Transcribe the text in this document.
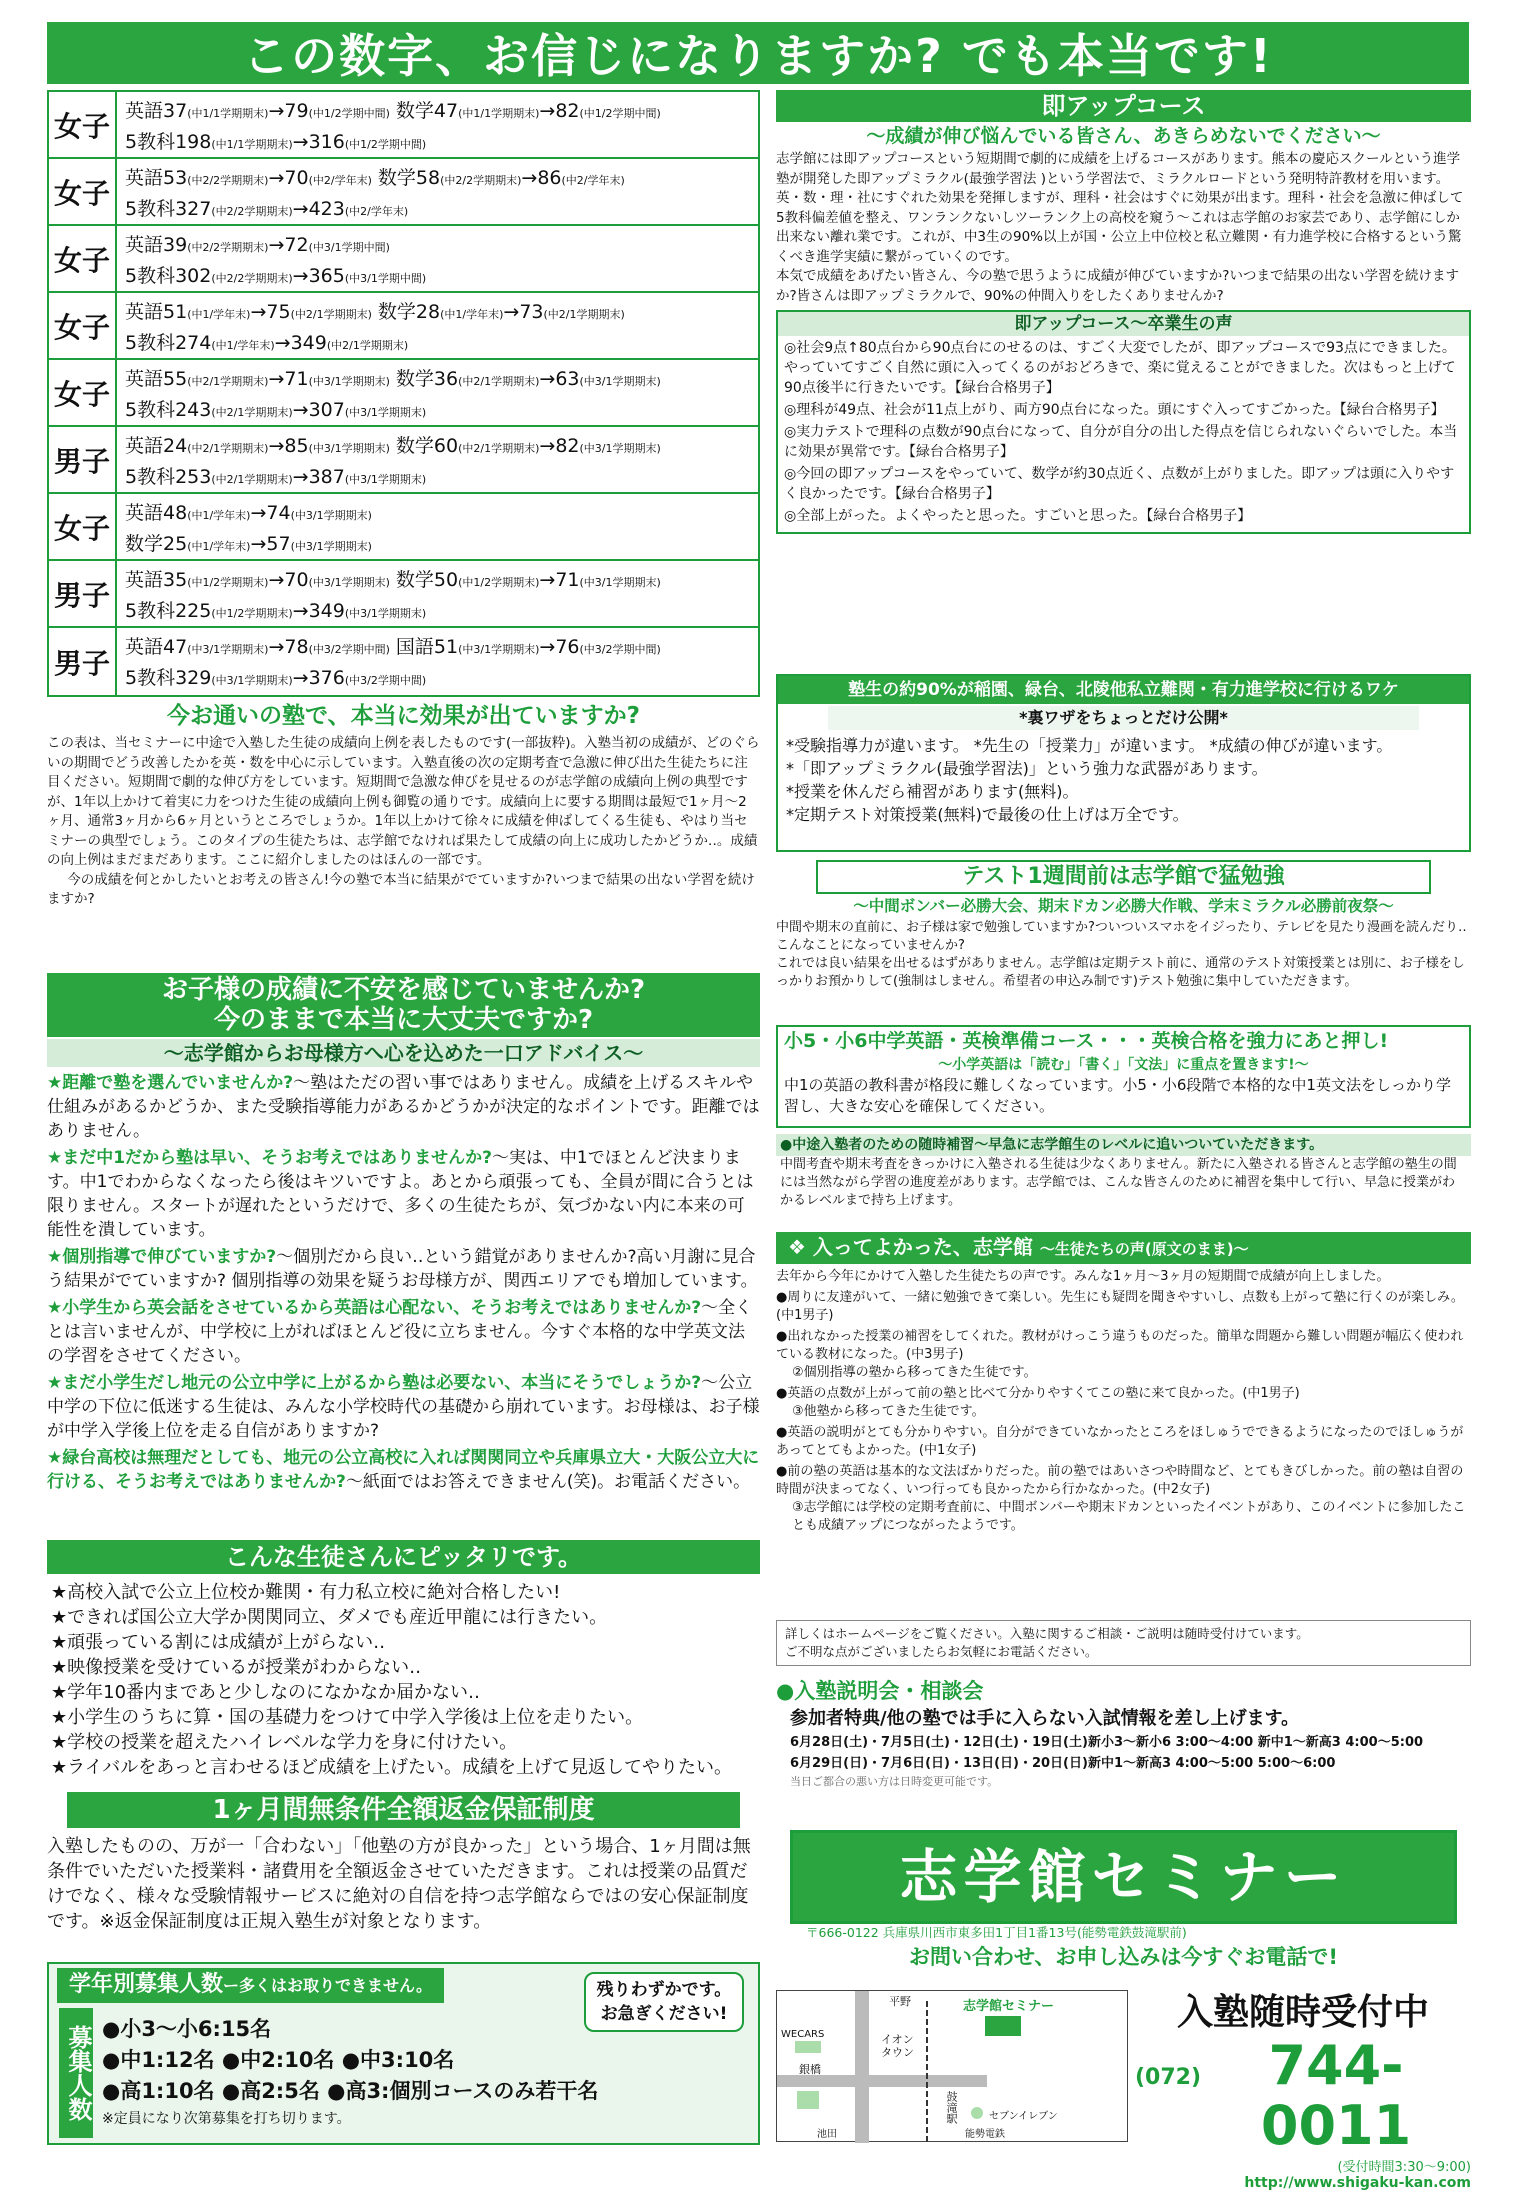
この数字、お信じになりますか? でも本当です!
女子 英語37(中1/1学期期末)→79(中1/2学期中間) 数学47(中1/1学期期末)→82(中1/2学期中間)
5教科198(中1/1学期期末)→316(中1/2学期中間)
女子 英語53(中2/2学期期末)→70(中2/学年末) 数学58(中2/2学期期末)→86(中2/学年末)
5教科327(中2/2学期期末)→423(中2/学年末)
女子 英語39(中2/2学期期末)→72(中3/1学期中間)
5教科302(中2/2学期期末)→365(中3/1学期中間)
女子 英語51(中1/学年末)→75(中2/1学期期末) 数学28(中1/学年末)→73(中2/1学期期末)
5教科274(中1/学年末)→349(中2/1学期期末)
女子 英語55(中2/1学期期末)→71(中3/1学期期末) 数学36(中2/1学期期末)→63(中3/1学期期末)
5教科243(中2/1学期期末)→307(中3/1学期期末)
男子 英語24(中2/1学期期末)→85(中3/1学期期末) 数学60(中2/1学期期末)→82(中3/1学期期末)
5教科253(中2/1学期期末)→387(中3/1学期期末)
女子 英語48(中1/学年末)→74(中3/1学期期末)
数学25(中1/学年末)→57(中3/1学期期末)
男子 英語35(中1/2学期期末)→70(中3/1学期期末) 数学50(中1/2学期期末)→71(中3/1学期期末)
5教科225(中1/2学期期末)→349(中3/1学期期末)
男子 英語47(中3/1学期期末)→78(中3/2学期中間) 国語51(中3/1学期期末)→76(中3/2学期中間)
5教科329(中3/1学期期末)→376(中3/2学期中間)
今お通いの塾で、本当に効果が出ていますか?
この表は、当セミナーに中途で入塾した生徒の成績向上例を表したものです(一部抜粋)。入塾当初の成績が、どのぐらいの期間でどう改善したかを英・数を中心に示しています。入塾直後の次の定期考査で急激に伸び出た生徒たちに注目ください。短期間で劇的な伸び方をしています。短期間で急激な伸びを見せるのが志学館の成績向上例の典型ですが、1年以上かけて着実に力をつけた生徒の成績向上例も御覧の通りです。成績向上に要する期間は最短で1ヶ月〜2ヶ月、通常3ヶ月から6ヶ月というところでしょうか。1年以上かけて徐々に成績を伸ばしてくる生徒も、やはり当セミナーの典型でしょう。このタイプの生徒たちは、志学館でなければ果たして成績の向上に成功したかどうか‥。成績の向上例はまだまだあります。ここに紹介しましたのはほんの一部です。
今の成績を何とかしたいとお考えの皆さん!今の塾で本当に結果がでていますか?いつまで結果の出ない学習を続けますか?
お子様の成績に不安を感じていませんか?
今のままで本当に大丈夫ですか?
〜志学館からお母様方へ心を込めた一口アドバイス〜
★距離で塾を選んでいませんか?〜塾はただの習い事ではありません。成績を上げるスキルや仕組みがあるかどうか、また受験指導能力があるかどうかが決定的なポイントです。距離ではありません。
★まだ中1だから塾は早い、そうお考えではありませんか?〜実は、中1でほとんど決まります。中1でわからなくなったら後はキツいですよ。あとから頑張っても、全員が間に合うとは限りません。スタートが遅れたというだけで、多くの生徒たちが、気づかない内に本来の可能性を潰しています。
★個別指導で伸びていますか?〜個別だから良い‥という錯覚がありませんか?高い月謝に見合う結果がでていますか? 個別指導の効果を疑うお母様方が、関西エリアでも増加しています。
★小学生から英会話をさせているから英語は心配ない、そうお考えではありませんか?〜全くとは言いませんが、中学校に上がればほとんど役に立ちません。今すぐ本格的な中学英文法の学習をさせてください。
★まだ小学生だし地元の公立中学に上がるから塾は必要ない、本当にそうでしょうか?〜公立中学の下位に低迷する生徒は、みんな小学校時代の基礎から崩れています。お母様は、お子様が中学入学後上位を走る自信がありますか?
★緑台高校は無理だとしても、地元の公立高校に入れば関関同立や兵庫県立大・大阪公立大に行ける、そうお考えではありませんか?〜紙面ではお答えできません(笑)。お電話ください。
こんな生徒さんにピッタリです。
★高校入試で公立上位校か難関・有力私立校に絶対合格したい!
★できれば国公立大学か関関同立、ダメでも産近甲龍には行きたい。
★頑張っている割には成績が上がらない‥
★映像授業を受けているが授業がわからない‥
★学年10番内まであと少しなのになかなか届かない‥
★小学生のうちに算・国の基礎力をつけて中学入学後は上位を走りたい。
★学校の授業を超えたハイレベルな学力を身に付けたい。
★ライバルをあっと言わせるほど成績を上げたい。成績を上げて見返してやりたい。
1ヶ月間無条件全額返金保証制度
入塾したものの、万が一「合わない」「他塾の方が良かった」という場合、1ヶ月間は無条件でいただいた授業料・諸費用を全額返金させていただきます。これは授業の品質だけでなく、様々な受験情報サービスに絶対の自信を持つ志学館ならではの安心保証制度です。※返金保証制度は正規入塾生が対象となります。
学年別募集人数ー多くはお取りできません。
募集人数 ●小3〜小6:15名
●中1:12名 ●中2:10名 ●中3:10名
●高1:10名 ●高2:5名 ●高3:個別コースのみ若干名
※定員になり次第募集を打ち切ります。
残りわずかです。お急ぎください!
即アップコース
〜成績が伸び悩んでいる皆さん、あきらめないでください〜
志学館には即アップコースという短期間で劇的に成績を上げるコースがあります。熊本の慶応スクールという進学塾が開発した即アップミラクル(最強学習法 )という学習法で、ミラクルロードという発明特許教材を用います。英・数・理・社にすぐれた効果を発揮しますが、理科・社会はすぐに効果が出ます。理科・社会を急激に伸ばして5教科偏差値を整え、ワンランクないしツーランク上の高校を窺う〜これは志学館のお家芸であり、志学館にしか出来ない離れ業です。これが、中3生の90%以上が国・公立上中位校と私立難関・有力進学校に合格するという驚くべき進学実績に繋がっていくのです。
本気で成績をあげたい皆さん、今の塾で思うように成績が伸びていますか?いつまで結果の出ない学習を続けますか?皆さんは即アップミラクルで、90%の仲間入りをしたくありませんか?
即アップコース〜卒業生の声
◎社会9点↑80点台から90点台にのせるのは、すごく大変でしたが、即アップコースで93点にできました。やっていてすごく自然に頭に入ってくるのがおどろきで、楽に覚えることができました。次はもっと上げて90点後半に行きたいです。【緑台合格男子】
◎理科が49点、社会が11点上がり、両方90点台になった。頭にすぐ入ってすごかった。【緑台合格男子】
◎実力テストで理科の点数が90点台になって、自分が自分の出した得点を信じられないぐらいでした。本当に効果が異常です。【緑台合格男子】
◎今回の即アップコースをやっていて、数学が約30点近く、点数が上がりました。即アップは頭に入りやすく良かったです。【緑台合格男子】
◎全部上がった。よくやったと思った。すごいと思った。【緑台合格男子】
塾生の約90%が稲園、緑台、北陵他私立難関・有力進学校に行けるワケ
*裏ワザをちょっとだけ公開*
*受験指導力が違います。 *先生の「授業力」が違います。 *成績の伸びが違います。
*「即アップミラクル(最強学習法)」という強力な武器があります。
*授業を休んだら補習があります(無料)。
*定期テスト対策授業(無料)で最後の仕上げは万全です。
テスト1週間前は志学館で猛勉強
〜中間ボンバー必勝大会、期末ドカン必勝大作戦、学末ミラクル必勝前夜祭〜
中間や期末の直前に、お子様は家で勉強していますか?ついついスマホをイジったり、テレビを見たり漫画を読んだり‥こんなことになっていませんか?
これでは良い結果を出せるはずがありません。志学館は定期テスト前に、通常のテスト対策授業とは別に、お子様をしっかりお預かりして(強制はしません。希望者の申込み制です)テスト勉強に集中していただきます。
小5・小6中学英語・英検準備コース・・・英検合格を強力にあと押し!
〜小学英語は「読む」「書く」「文法」に重点を置きます!〜
中1の英語の教科書が格段に難しくなっています。小5・小6段階で本格的な中1英文法をしっかり学習し、大きな安心を確保してください。
●中途入塾者のための随時補習〜早急に志学館生のレベルに追いついていただきます。
中間考査や期末考査をきっかけに入塾される生徒は少なくありません。新たに入塾される皆さんと志学館の塾生の間には当然ながら学習の進度差があります。志学館では、こんな皆さんのために補習を集中して行い、早急に授業がわかるレベルまで持ち上げます。
❖ 入ってよかった、志学館 〜生徒たちの声(原文のまま)〜
去年から今年にかけて入塾した生徒たちの声です。みんな1ヶ月〜3ヶ月の短期間で成績が向上しました。
●周りに友達がいて、一緒に勉強できて楽しい。先生にも疑問を聞きやすいし、点数も上がって塾に行くのが楽しみ。(中1男子)
●出れなかった授業の補習をしてくれた。教材がけっこう違うものだった。簡単な問題から難しい問題が幅広く使われている教材になった。(中3男子)
②個別指導の塾から移ってきた生徒です。
●英語の点数が上がって前の塾と比べて分かりやすくてこの塾に来て良かった。(中1男子)
③他塾から移ってきた生徒です。
●英語の説明がとても分かりやすい。自分ができていなかったところをほしゅうでできるようになったのでほしゅうがあってとてもよかった。(中1女子)
●前の塾の英語は基本的な文法ばかりだった。前の塾ではあいさつや時間など、とてもきびしかった。前の塾は自習の時間が決まってなく、いつ行っても良かったから行かなかった。(中2女子)
③志学館には学校の定期考査前に、中間ボンバーや期末ドカンといったイベントがあり、このイベントに参加したことも成績アップにつながったようです。
詳しくはホームページをご覧ください。入塾に関するご相談・ご説明は随時受付けています。
ご不明な点がございましたらお気軽にお電話ください。
●入塾説明会・相談会
参加者特典/他の塾では手に入らない入試情報を差し上げます。
6月28日(土)・7月5日(土)・12日(土)・19日(土)新小3〜新小6 3:00〜4:00 新中1〜新高3 4:00〜5:00
6月29日(日)・7月6日(日)・13日(日)・20日(日)新中1〜新高3 4:00〜5:00 5:00〜6:00
当日ご都合の悪い方は日時変更可能です。
志学館セミナー
〒666-0122 兵庫県川西市東多田1丁目1番13号(能勢電鉄鼓滝駅前)
お問い合わせ、お申し込みは今すぐお電話で!
WECARS
平野
イオン タウン
志学館セミナー
銀橋
池田
鼓滝駅	セブンイレブン
能勢電鉄
入塾随時受付中
(072)	744-0011
(受付時間3:30〜9:00)
http://www.shigaku-kan.com
